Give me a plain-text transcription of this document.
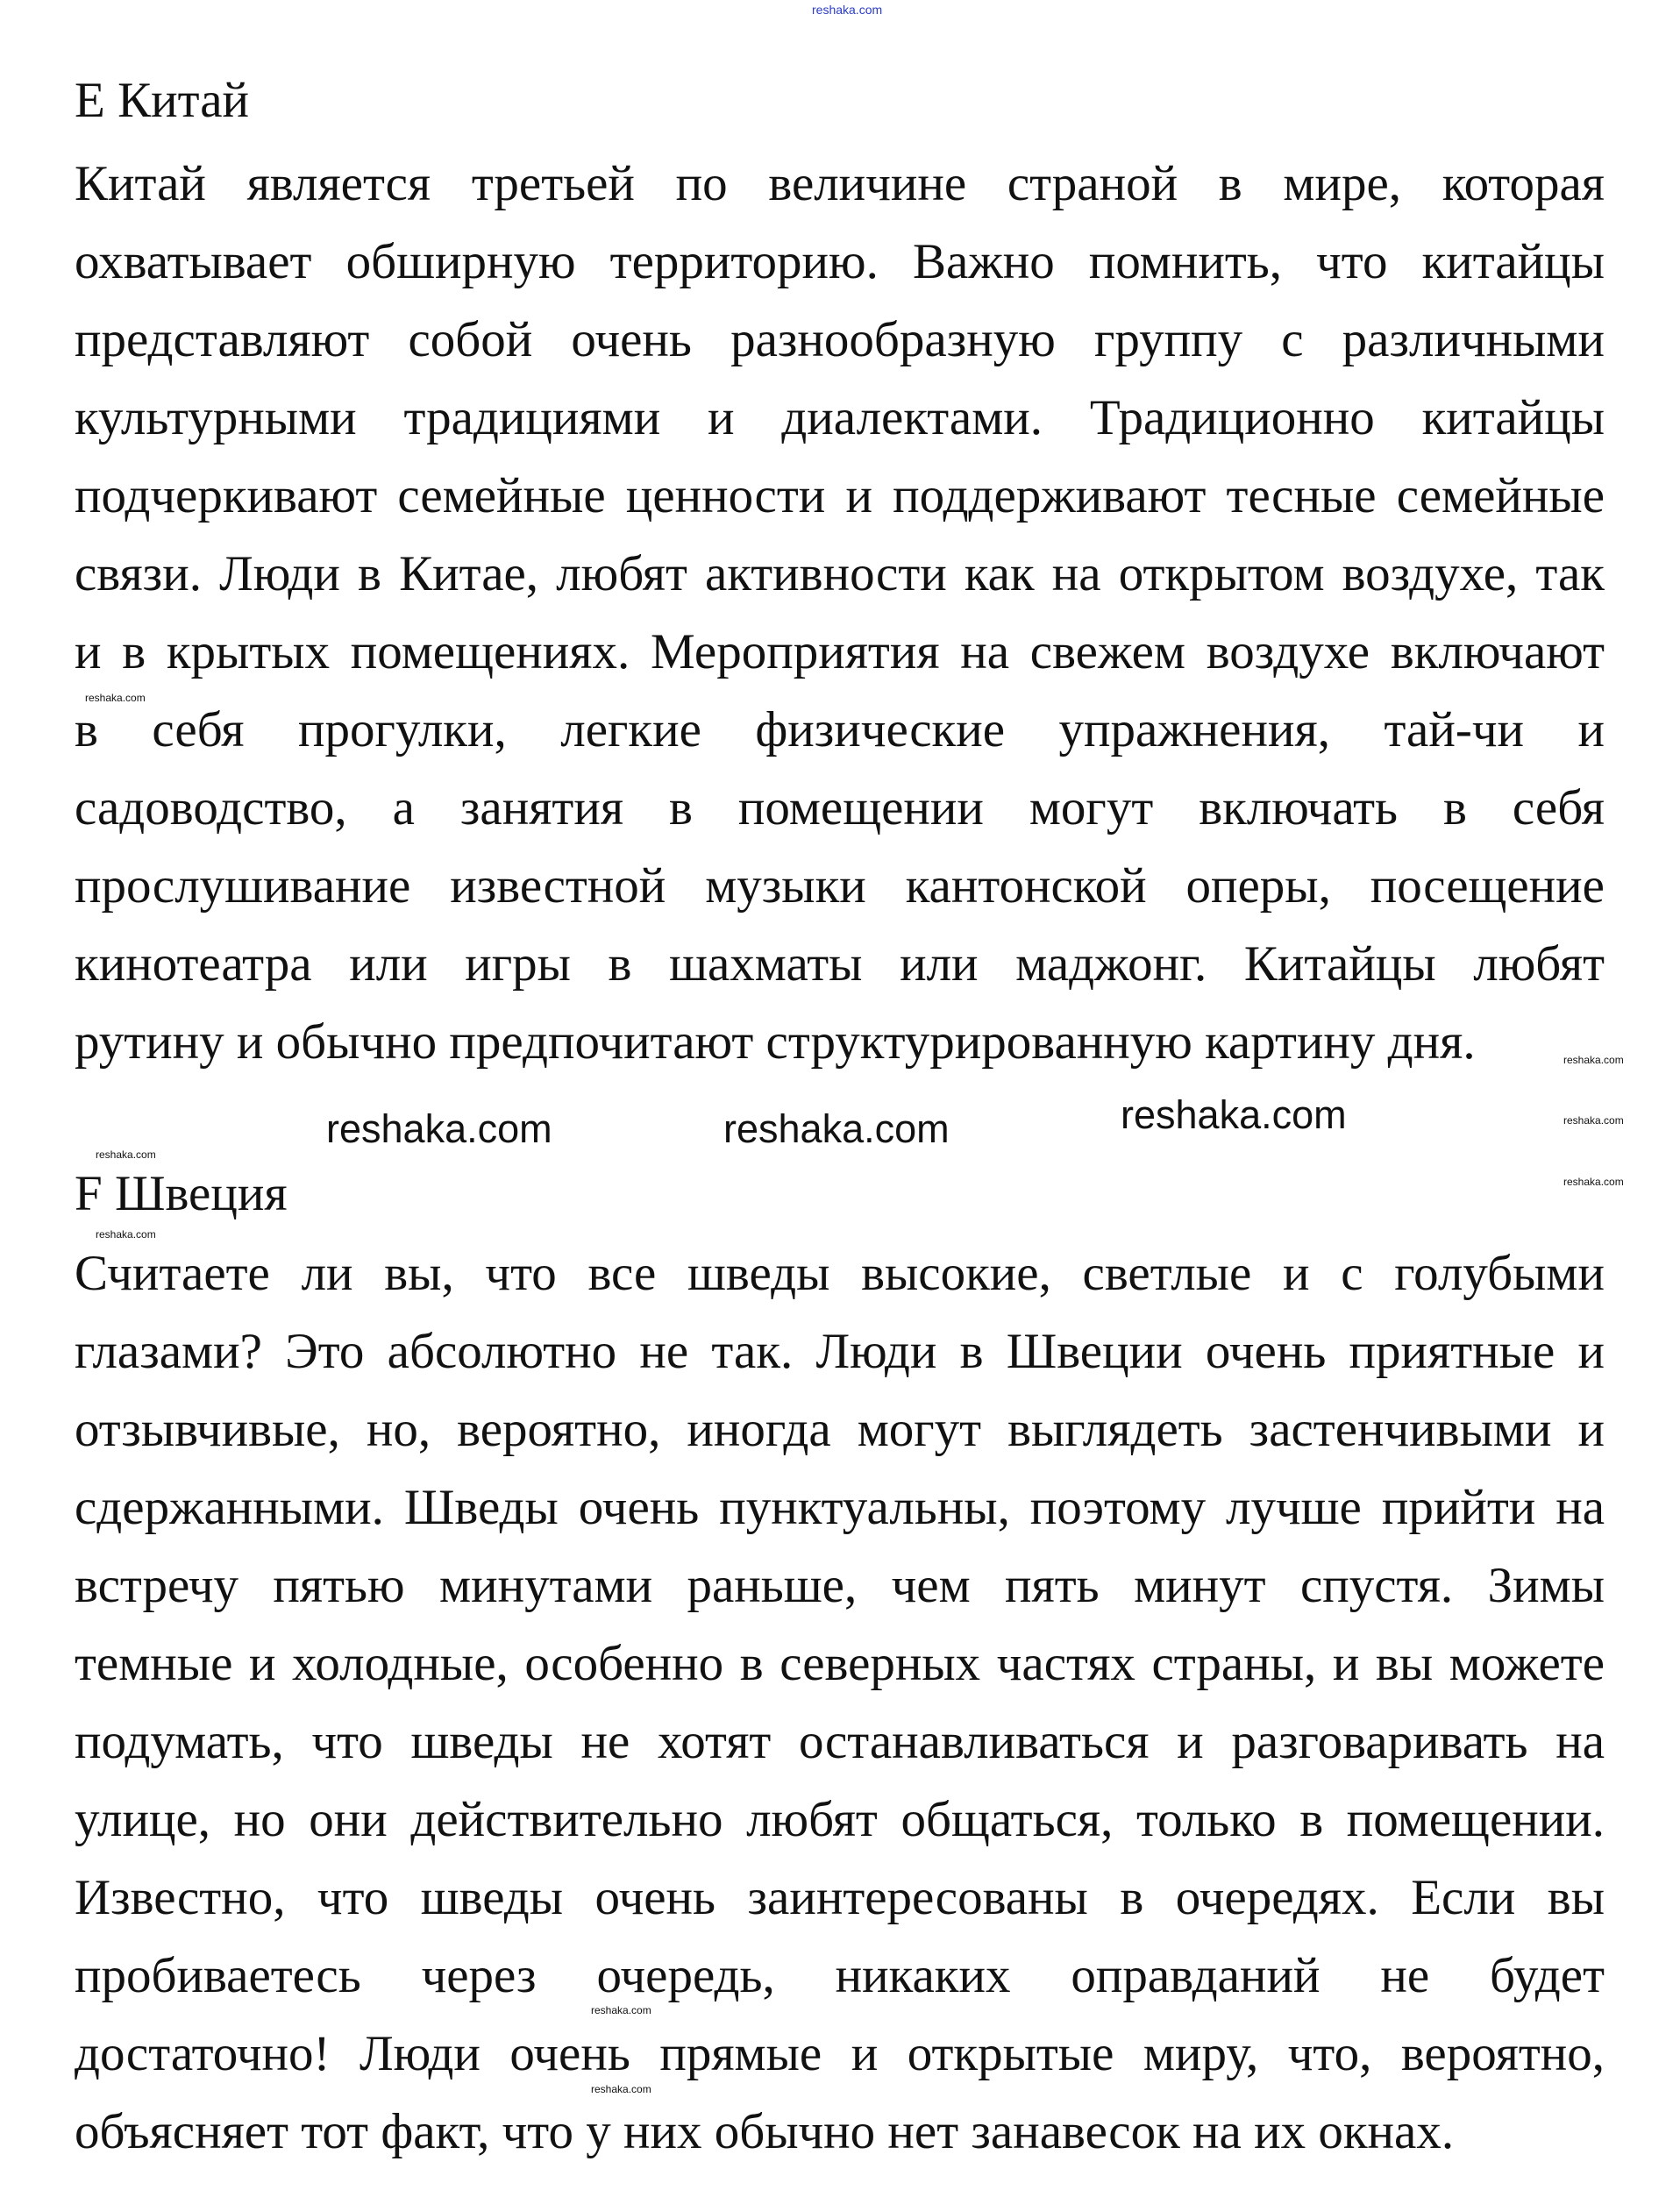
E Китай
F Швеция
Китай является третьей по величине страной в мире, которая
охватывает обширную территорию. Важно помнить, что китайцы
представляют собой очень разнообразную группу с различными
культурными традициями и диалектами. Традиционно китайцы
подчеркивают семейные ценности и поддерживают тесные семейные
связи. Люди в Китае, любят активности как на открытом воздухе, так
и в крытых помещениях. Мероприятия на свежем воздухе включают
в себя прогулки, легкие физические упражнения, тай-чи и
садоводство, а занятия в помещении могут включать в себя
прослушивание известной музыки кантонской оперы, посещение
кинотеатра или игры в шахматы или маджонг. Китайцы любят
рутину и обычно предпочитают структурированную картину дня.
Считаете ли вы, что все шведы высокие, светлые и с голубыми
глазами? Это абсолютно не так. Люди в Швеции очень приятные и
отзывчивые, но, вероятно, иногда могут выглядеть застенчивыми и
сдержанными. Шведы очень пунктуальны, поэтому лучше прийти на
встречу пятью минутами раньше, чем пять минут спустя. Зимы
темные и холодные, особенно в северных частях страны, и вы можете
подумать, что шведы не хотят останавливаться и разговаривать на
улице, но они действительно любят общаться, только в помещении.
Известно, что шведы очень заинтересованы в очередях. Если вы
пробиваетесь через очередь, никаких оправданий не будет
достаточно! Люди очень прямые и открытые миру, что, вероятно,
объясняет тот факт, что у них обычно нет занавесок на их окнах.
reshaka.com	reshaka.com	reshaka.com
reshaka.com
reshaka.com
reshaka.com
reshaka.com
reshaka.com
reshaka.com
reshaka.com
reshaka.com
reshaka.com
